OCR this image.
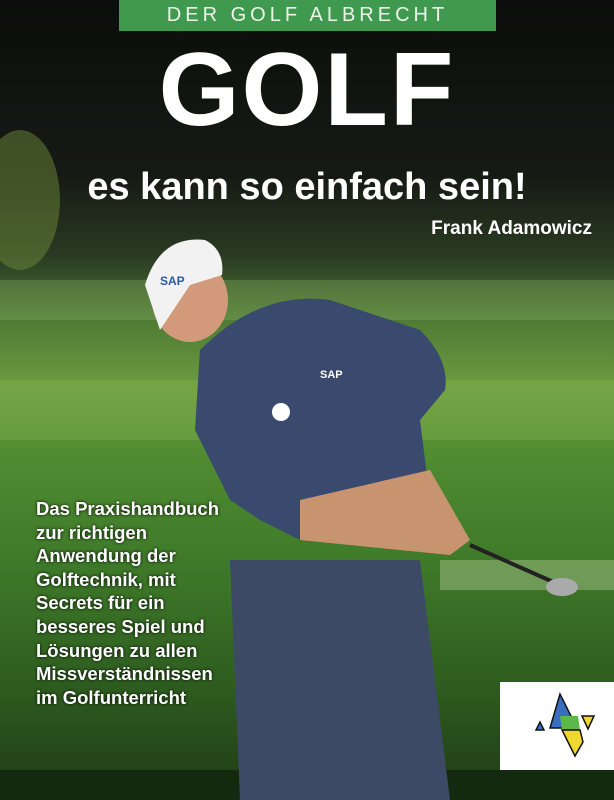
SAP
SAP
DER GOLF ALBRECHT
GOLF
es kann so einfach sein!
Frank Adamowicz
Das Praxishandbuch
zur richtigen
Anwendung der
Golftechnik, mit
Secrets für ein
besseres Spiel und
Lösungen zu allen
Missverständnissen
im Golfunterricht
